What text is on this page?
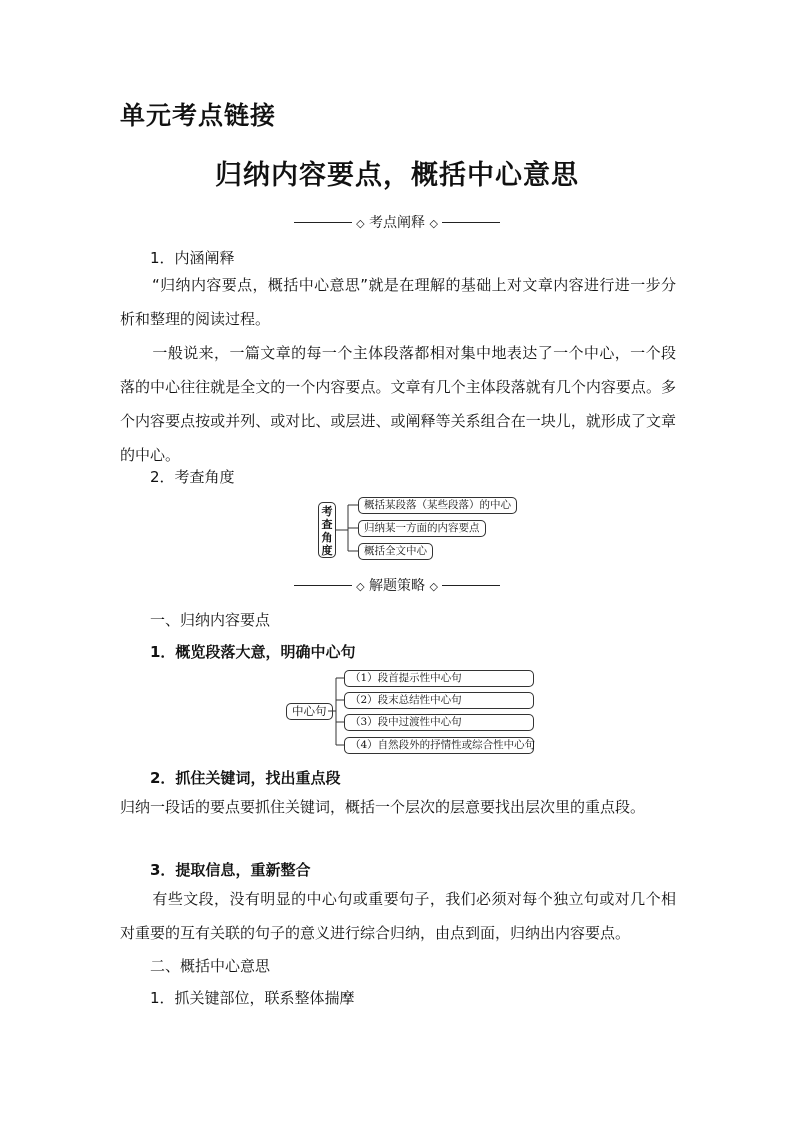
单元考点链接
归纳内容要点，概括中心意思
◇ 考点阐释 ◇
1．内涵阐释
“归纳内容要点，概括中心意思”就是在理解的基础上对文章内容进行进一步分析和整理的阅读过程。
一般说来，一篇文章的每一个主体段落都相对集中地表达了一个中心，一个段落的中心往往就是全文的一个内容要点。文章有几个主体段落就有几个内容要点。多个内容要点按或并列、或对比、或层进、或阐释等关系组合在一块儿，就形成了文章的中心。
2．考查角度
考查角度
概括某段落（某些段落）的中心
归纳某一方面的内容要点
概括全文中心
◇ 解题策略 ◇
一、归纳内容要点
1．概览段落大意，明确中心句
中心句
（1）段首提示性中心句
（2）段末总结性中心句
（3）段中过渡性中心句
（4）自然段外的抒情性或综合性中心句
2．抓住关键词，找出重点段
归纳一段话的要点要抓住关键词，概括一个层次的层意要找出层次里的重点段。
3．提取信息，重新整合
有些文段，没有明显的中心句或重要句子，我们必须对每个独立句或对几个相对重要的互有关联的句子的意义进行综合归纳，由点到面，归纳出内容要点。
二、概括中心意思
1．抓关键部位，联系整体揣摩
